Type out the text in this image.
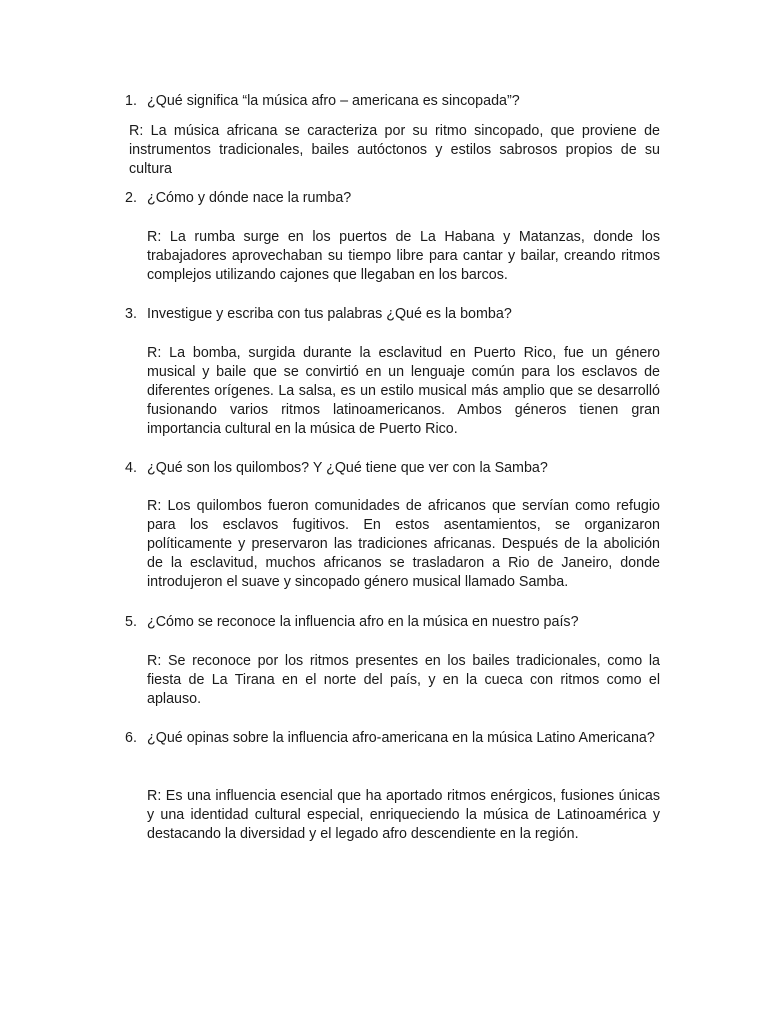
1. ¿Qué significa “la música afro – americana es sincopada”?
R: La música africana se caracteriza por su ritmo sincopado, que proviene de instrumentos tradicionales, bailes autóctonos y estilos sabrosos propios de su cultura
2. ¿Cómo y dónde nace la rumba?
R: La rumba surge en los puertos de La Habana y Matanzas, donde los trabajadores aprovechaban su tiempo libre para cantar y bailar, creando ritmos complejos utilizando cajones que llegaban en los barcos.
3. Investigue y escriba con tus palabras ¿Qué es la bomba?
R: La bomba, surgida durante la esclavitud en Puerto Rico, fue un género musical y baile que se convirtió en un lenguaje común para los esclavos de diferentes orígenes. La salsa, es un estilo musical más amplio que se desarrolló fusionando varios ritmos latinoamericanos. Ambos géneros tienen gran importancia cultural en la música de Puerto Rico.
4. ¿Qué son los quilombos? Y ¿Qué tiene que ver con la Samba?
R: Los quilombos fueron comunidades de africanos que servían como refugio para los esclavos fugitivos. En estos asentamientos, se organizaron políticamente y preservaron las tradiciones africanas. Después de la abolición de la esclavitud, muchos africanos se trasladaron a Rio de Janeiro, donde introdujeron el suave y sincopado género musical llamado Samba.
5. ¿Cómo se reconoce la influencia afro en la música en nuestro país?
R: Se reconoce por los ritmos presentes en los bailes tradicionales, como la fiesta de La Tirana en el norte del país, y en la cueca con ritmos como el aplauso.
6. ¿Qué opinas sobre la influencia afro-americana en la música Latino Americana?
R: Es una influencia esencial que ha aportado ritmos enérgicos, fusiones únicas y una identidad cultural especial, enriqueciendo la música de Latinoamérica y destacando la diversidad y el legado afro descendiente en la región.
